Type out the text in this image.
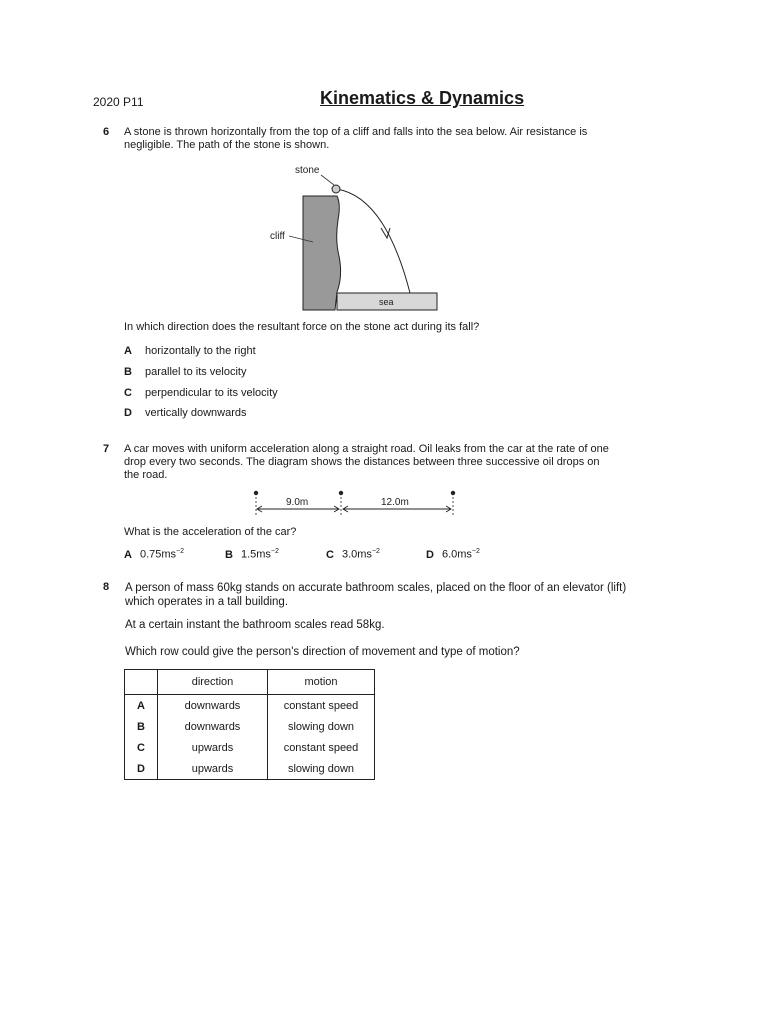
2020 P11	Kinematics & Dynamics
6 A stone is thrown horizontally from the top of a cliff and falls into the sea below. Air resistance is negligible. The path of the stone is shown.
stone
cliff
sea
In which direction does the resultant force on the stone act during its fall?
A horizontally to the right
B parallel to its velocity
C perpendicular to its velocity
D vertically downwards
7 A car moves with uniform acceleration along a straight road. Oil leaks from the car at the rate of one drop every two seconds. The diagram shows the distances between three successive oil drops on the road.
9.0m	12.0m
What is the acceleration of the car?
A $0.75ms^{-2}$	B $1.5ms^{-2}$	C $3.0ms^{-2}$	D $6.0ms^{-2}$
8 A person of mass 60kg stands on accurate bathroom scales, placed on the floor of an elevator (lift) which operates in a tall building.
At a certain instant the bathroom scales read 58kg.
Which row could give the person's direction of movement and type of motion?
	direction	motion
A	downwards	constant speed
B	downwards	slowing down
C	upwards	constant speed
D	upwards	slowing down
